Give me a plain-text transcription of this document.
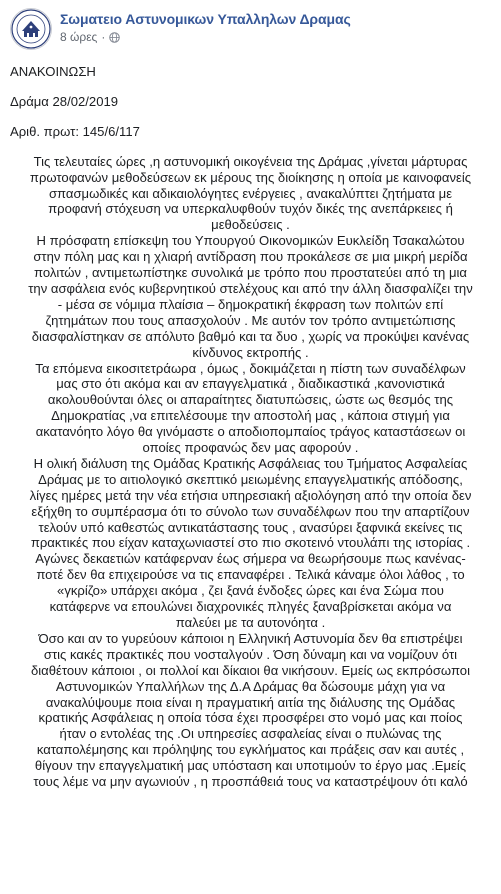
Σωματειο Αστυνομικων Υπαλληλων Δραμας
8 ώρες ·
ΑΝΑΚΟΙΝΩΣΗ
Δράμα 28/02/2019
Αριθ. πρωτ: 145/6/117
Τις τελευταίες ώρες ,η αστυνομική οικογένεια της Δράμας ,γίνεται μάρτυρας
πρωτοφανών μεθοδεύσεων εκ μέρους της διοίκησης η οποία με καινοφανείς
σπασμωδικές και αδικαιολόγητες ενέργειες , ανακαλύπτει ζητήματα με
προφανή στόχευση να υπερκαλυφθούν τυχόν δικές της ανεπάρκειες ή
μεθοδεύσεις .
Η πρόσφατη επίσκεψη του Υπουργού Οικονομικών Ευκλείδη Τσακαλώτου
στην πόλη μας και η χλιαρή αντίδραση που προκάλεσε σε μια μικρή μερίδα
πολιτών , αντιμετωπίστηκε συνολικά με τρόπο που προστατεύει από τη μια
την ασφάλεια ενός κυβερνητικού στελέχους και από την άλλη διασφαλίζει την
- μέσα σε νόμιμα πλαίσια – δημοκρατική έκφραση των πολιτών επί
ζητημάτων που τους απασχολούν . Με αυτόν τον τρόπο αντιμετώπισης
διασφαλίστηκαν σε απόλυτο βαθμό και τα δυο , χωρίς να προκύψει κανένας
κίνδυνος εκτροπής .
Τα επόμενα εικοσιτετράωρα , όμως , δοκιμάζεται η πίστη των συναδέλφων
μας στο ότι ακόμα και αν επαγγελματικά , διαδικαστικά ,κανονιστικά
ακολουθούνται όλες οι απαραίτητες διατυπώσεις, ώστε ως θεσμός της
Δημοκρατίας ,να επιτελέσουμε την αποστολή μας , κάποια στιγμή για
ακατανόητο λόγο θα γινόμαστε ο αποδιοπομπαίος τράγος καταστάσεων οι
οποίες προφανώς δεν μας αφορούν .
Η ολική διάλυση της Ομάδας Κρατικής Ασφάλειας του Τμήματος Ασφαλείας
Δράμας με το αιτιολογικό σκεπτικό μειωμένης επαγγελματικής απόδοσης,
λίγες ημέρες μετά την νέα ετήσια υπηρεσιακή αξιολόγηση από την οποία δεν
εξήχθη το συμπέρασμα ότι το σύνολο των συναδέλφων που την απαρτίζουν
τελούν υπό καθεστώς αντικατάστασης τους , ανασύρει ξαφνικά εκείνες τις
πρακτικές που είχαν καταχωνιαστεί στο πιο σκοτεινό ντουλάπι της ιστορίας .
Αγώνες δεκαετιών κατάφερναν έως σήμερα να θεωρήσουμε πως κανένας-
ποτέ δεν θα επιχειρούσε να τις επαναφέρει . Τελικά κάναμε όλοι λάθος , το
«γκρίζο» υπάρχει ακόμα , ζει ξανά ένδοξες ώρες και ένα Σώμα που
κατάφερνε να επουλώνει διαχρονικές πληγές ξαναβρίσκεται ακόμα να
παλεύει με τα αυτονόητα .
Όσο και αν το γυρεύουν κάποιοι η Ελληνική Αστυνομία δεν θα επιστρέψει
στις κακές πρακτικές που νοσταλγούν . Όση δύναμη και να νομίζουν ότι
διαθέτουν κάποιοι , οι πολλοί και δίκαιοι θα νικήσουν. Εμείς ως εκπρόσωποι
Αστυνομικών Υπαλλήλων της Δ.Α Δράμας θα δώσουμε μάχη για να
ανακαλύψουμε ποια είναι η πραγματική αιτία της διάλυσης της Ομάδας
κρατικής Ασφάλειας η οποία τόσα έχει προσφέρει στο νομό μας και ποίος
ήταν ο εντολέας της .Οι υπηρεσίες ασφαλείας είναι ο πυλώνας της
καταπολέμησης και πρόληψης του εγκλήματος και πράξεις σαν και αυτές ,
θίγουν την επαγγελματική μας υπόσταση και υποτιμούν το έργο μας .Εμείς
τους λέμε να μην αγωνιούν , η προσπάθειά τους να καταστρέψουν ότι καλό
